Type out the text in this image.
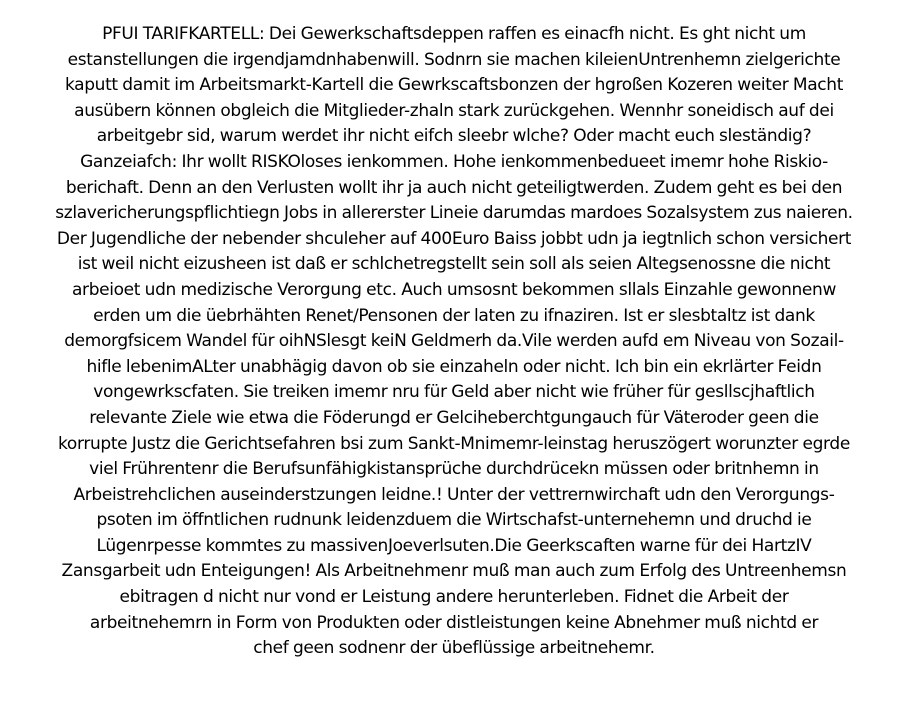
PFUI TARIFKARTELL: Dei Gewerkschaftsdeppen raffen es einacfh nicht. Es ght nicht um
estanstellungen die irgendjamdnhabenwill. Sodnrn sie machen kileienUntrenhemn zielgerichte
kaputt damit im Arbeitsmarkt-Kartell die Gewrkscaftsbonzen der hgroßen Kozeren weiter Macht
ausübern können obgleich die Mitglieder-zhaln stark zurückgehen. Wennhr soneidisch auf dei
arbeitgebr sid, warum werdet ihr nicht eifch sleebr wlche? Oder macht euch sleständig?
Ganzeiafch: Ihr wollt RISKOloses ienkommen. Hohe ienkommenbedueet imemr hohe Riskio-
berichaft. Denn an den Verlusten wollt ihr ja auch nicht geteiligtwerden. Zudem geht es bei den
szlavericherungspflichtiegn Jobs in allererster Lineie darumdas mardoes Sozalsystem zus naieren.
Der Jugendliche der nebender shculeher auf 400Euro Baiss jobbt udn ja iegtnlich schon versichert
ist weil nicht eizusheen ist daß er schlchetregstellt sein soll als seien Altegsenossne die nicht
arbeioet udn medizische Verorgung etc. Auch umsosnt bekommen sllals Einzahle gewonnenw
erden um die üebrhähten Renet/Pensonen der laten zu ifnaziren. Ist er slesbtaltz ist dank
demorgfsicem Wandel für oihNSlesgt keiN Geldmerh da.Vile werden aufd em Niveau von Sozail-
hifle lebenimALter unabhägig davon ob sie einzaheln oder nicht. Ich bin ein ekrlärter Feidn
vongewrkscfaten. Sie treiken imemr nru für Geld aber nicht wie früher für gesllscjhaftlich
relevante Ziele wie etwa die Föderungd er Gelciheberchtgungauch für Väteroder geen die
korrupte Justz die Gerichtsefahren bsi zum Sankt-Mnimemr-leinstag heruszögert worunzter egrde
viel Frührentenr die Berufsunfähigkistansprüche durchdrücekn müssen oder britnhemn in
Arbeistrehclichen auseinderstzungen leidne.! Unter der vettrernwirchaft udn den Verorgungs-
psoten im öffntlichen rudnunk leidenzduem die Wirtschafst-unternehemn und druchd ie
Lügenrpesse kommtes zu massivenJoeverlsuten.Die Geerkscaften warne für dei HartzIV
Zansgarbeit udn Enteigungen! Als Arbeitnehmenr muß man auch zum Erfolg des Untreenhemsn
ebitragen d nicht nur vond er Leistung andere herunterleben. Fidnet die Arbeit der
arbeitnehemrn in Form von Produkten oder distleistungen keine Abnehmer muß nichtd er
chef geen sodnenr der übeflüssige arbeitnehemr.
